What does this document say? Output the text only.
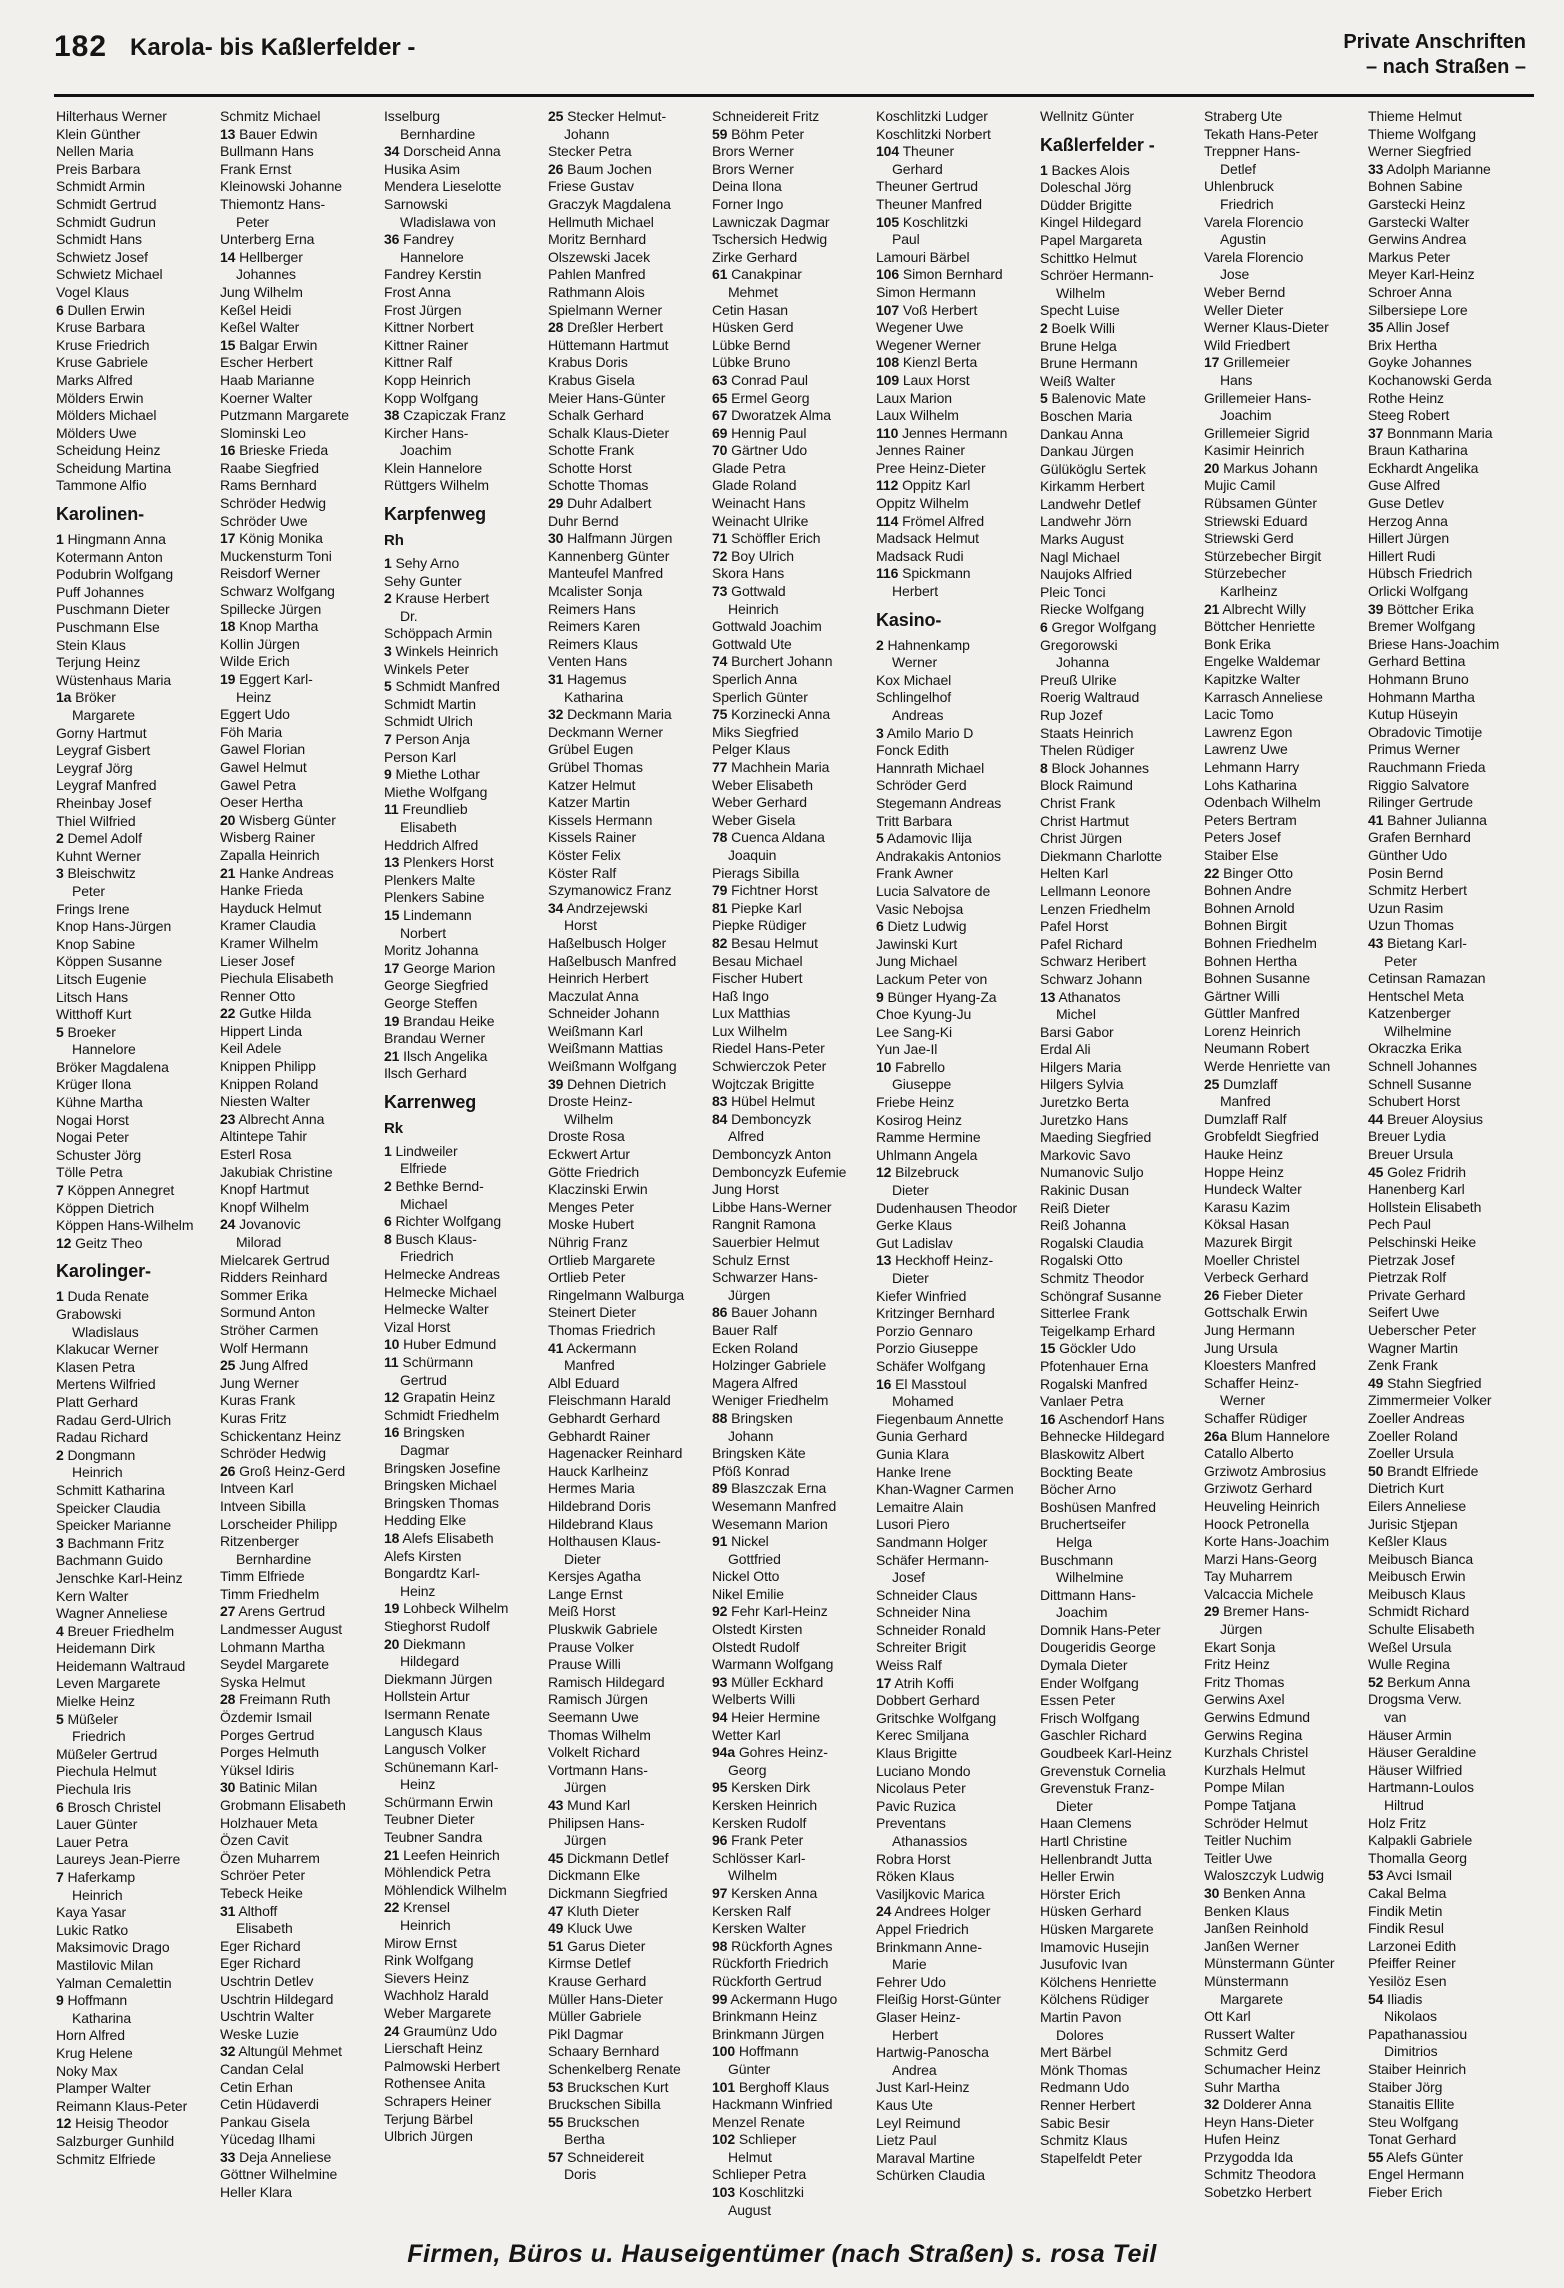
182 Karola- bis Kaßlerfelder -	Private Anschriften
– nach Straßen –
Hilterhaus Werner
Klein Günther
Nellen Maria
Preis Barbara
Schmidt Armin
Schmidt Gertrud
Schmidt Gudrun
Schmidt Hans
Schwietz Josef
Schwietz Michael
Vogel Klaus
6 Dullen Erwin
Kruse Barbara
Kruse Friedrich
Kruse Gabriele
Marks Alfred
Mölders Erwin
Mölders Michael
Mölders Uwe
Scheidung Heinz
Scheidung Martina
Tammone Alfio
Karolinen-
1 Hingmann Anna
Kotermann Anton
Podubrin Wolfgang
Puff Johannes
Puschmann Dieter
Puschmann Else
Stein Klaus
Terjung Heinz
Wüstenhaus Maria
1a Bröker
Margarete
Gorny Hartmut
Leygraf Gisbert
Leygraf Jörg
Leygraf Manfred
Rheinbay Josef
Thiel Wilfried
2 Demel Adolf
Kuhnt Werner
3 Bleischwitz
Peter
Frings Irene
Knop Hans-Jürgen
Knop Sabine
Köppen Susanne
Litsch Eugenie
Litsch Hans
Witthoff Kurt
5 Broeker
Hannelore
Bröker Magdalena
Krüger Ilona
Kühne Martha
Nogai Horst
Nogai Peter
Schuster Jörg
Tölle Petra
7 Köppen Annegret
Köppen Dietrich
Köppen Hans-Wilhelm
12 Geitz Theo
Karolinger-
1 Duda Renate
Grabowski
Wladislaus
Klakucar Werner
Klasen Petra
Mertens Wilfried
Platt Gerhard
Radau Gerd-Ulrich
Radau Richard
2 Dongmann
Heinrich
Schmitt Katharina
Speicker Claudia
Speicker Marianne
3 Bachmann Fritz
Bachmann Guido
Jenschke Karl-Heinz
Kern Walter
Wagner Anneliese
4 Breuer Friedhelm
Heidemann Dirk
Heidemann Waltraud
Leven Margarete
Mielke Heinz
5 Müßeler
Friedrich
Müßeler Gertrud
Piechula Helmut
Piechula Iris
6 Brosch Christel
Lauer Günter
Lauer Petra
Laureys Jean-Pierre
7 Haferkamp
Heinrich
Kaya Yasar
Lukic Ratko
Maksimovic Drago
Mastilovic Milan
Yalman Cemalettin
9 Hoffmann
Katharina
Horn Alfred
Krug Helene
Noky Max
Plamper Walter
Reimann Klaus-Peter
12 Heisig Theodor
Salzburger Gunhild
Schmitz Elfriede
Schmitz Michael
13 Bauer Edwin
Bullmann Hans
Frank Ernst
Kleinowski Johanne
Thiemontz Hans-
Peter
Unterberg Erna
14 Hellberger
Johannes
Jung Wilhelm
Keßel Heidi
Keßel Walter
15 Balgar Erwin
Escher Herbert
Haab Marianne
Koerner Walter
Putzmann Margarete
Slominski Leo
16 Brieske Frieda
Raabe Siegfried
Rams Bernhard
Schröder Hedwig
Schröder Uwe
17 König Monika
Muckensturm Toni
Reisdorf Werner
Schwarz Wolfgang
Spillecke Jürgen
18 Knop Martha
Kollin Jürgen
Wilde Erich
19 Eggert Karl-
Heinz
Eggert Udo
Föh Maria
Gawel Florian
Gawel Helmut
Gawel Petra
Oeser Hertha
20 Wisberg Günter
Wisberg Rainer
Zapalla Heinrich
21 Hanke Andreas
Hanke Frieda
Hayduck Helmut
Kramer Claudia
Kramer Wilhelm
Lieser Josef
Piechula Elisabeth
Renner Otto
22 Gutke Hilda
Hippert Linda
Keil Adele
Knippen Philipp
Knippen Roland
Niesten Walter
23 Albrecht Anna
Altintepe Tahir
Esterl Rosa
Jakubiak Christine
Knopf Hartmut
Knopf Wilhelm
24 Jovanovic
Milorad
Mielcarek Gertrud
Ridders Reinhard
Sommer Erika
Sormund Anton
Ströher Carmen
Wolf Hermann
25 Jung Alfred
Jung Werner
Kuras Frank
Kuras Fritz
Schickentanz Heinz
Schröder Hedwig
26 Groß Heinz-Gerd
Intveen Karl
Intveen Sibilla
Lorscheider Philipp
Ritzenberger
Bernhardine
Timm Elfriede
Timm Friedhelm
27 Arens Gertrud
Landmesser August
Lohmann Martha
Seydel Margarete
Syska Helmut
28 Freimann Ruth
Özdemir Ismail
Porges Gertrud
Porges Helmuth
Yüksel Idiris
30 Batinic Milan
Grobmann Elisabeth
Holzhauer Meta
Özen Cavit
Özen Muharrem
Schröer Peter
Tebeck Heike
31 Althoff
Elisabeth
Eger Richard
Eger Richard
Uschtrin Detlev
Uschtrin Hildegard
Uschtrin Walter
Weske Luzie
32 Altungül Mehmet
Candan Celal
Cetin Erhan
Cetin Hüdaverdi
Pankau Gisela
Yücedag Ilhami
33 Deja Anneliese
Göttner Wilhelmine
Heller Klara
Isselburg
Bernhardine
34 Dorscheid Anna
Husika Asim
Mendera Lieselotte
Sarnowski
Wladislawa von
36 Fandrey
Hannelore
Fandrey Kerstin
Frost Anna
Frost Jürgen
Kittner Norbert
Kittner Rainer
Kittner Ralf
Kopp Heinrich
Kopp Wolfgang
38 Czapiczak Franz
Kircher Hans-
Joachim
Klein Hannelore
Rüttgers Wilhelm
Karpfenweg
Rh
1 Sehy Arno
Sehy Gunter
2 Krause Herbert
Dr.
Schöppach Armin
3 Winkels Heinrich
Winkels Peter
5 Schmidt Manfred
Schmidt Martin
Schmidt Ulrich
7 Person Anja
Person Karl
9 Miethe Lothar
Miethe Wolfgang
11 Freundlieb
Elisabeth
Heddrich Alfred
13 Plenkers Horst
Plenkers Malte
Plenkers Sabine
15 Lindemann
Norbert
Moritz Johanna
17 George Marion
George Siegfried
George Steffen
19 Brandau Heike
Brandau Werner
21 Ilsch Angelika
Ilsch Gerhard
Karrenweg
Rk
1 Lindweiler
Elfriede
2 Bethke Bernd-
Michael
6 Richter Wolfgang
8 Busch Klaus-
Friedrich
Helmecke Andreas
Helmecke Michael
Helmecke Walter
Vizal Horst
10 Huber Edmund
11 Schürmann
Gertrud
12 Grapatin Heinz
Schmidt Friedhelm
16 Bringsken
Dagmar
Bringsken Josefine
Bringsken Michael
Bringsken Thomas
Hedding Elke
18 Alefs Elisabeth
Alefs Kirsten
Bongardtz Karl-
Heinz
19 Lohbeck Wilhelm
Stieghorst Rudolf
20 Diekmann
Hildegard
Diekmann Jürgen
Hollstein Artur
Isermann Renate
Langusch Klaus
Langusch Volker
Schünemann Karl-
Heinz
Schürmann Erwin
Teubner Dieter
Teubner Sandra
21 Leefen Heinrich
Möhlendick Petra
Möhlendick Wilhelm
22 Krensel
Heinrich
Mirow Ernst
Rink Wolfgang
Sievers Heinz
Wachholz Harald
Weber Margarete
24 Graumünz Udo
Lierschaft Heinz
Palmowski Herbert
Rothensee Anita
Schrapers Heiner
Terjung Bärbel
Ulbrich Jürgen
25 Stecker Helmut-
Johann
Stecker Petra
26 Baum Jochen
Friese Gustav
Graczyk Magdalena
Hellmuth Michael
Moritz Bernhard
Olszewski Jacek
Pahlen Manfred
Rathmann Alois
Spielmann Werner
28 Dreßler Herbert
Hüttemann Hartmut
Krabus Doris
Krabus Gisela
Meier Hans-Günter
Schalk Gerhard
Schalk Klaus-Dieter
Schotte Frank
Schotte Horst
Schotte Thomas
29 Duhr Adalbert
Duhr Bernd
30 Halfmann Jürgen
Kannenberg Günter
Manteufel Manfred
Mcalister Sonja
Reimers Hans
Reimers Karen
Reimers Klaus
Venten Hans
31 Hagemus
Katharina
32 Deckmann Maria
Deckmann Werner
Grübel Eugen
Grübel Thomas
Katzer Helmut
Katzer Martin
Kissels Hermann
Kissels Rainer
Köster Felix
Köster Ralf
Szymanowicz Franz
34 Andrzejewski
Horst
Haßelbusch Holger
Haßelbusch Manfred
Heinrich Herbert
Maczulat Anna
Schneider Johann
Weißmann Karl
Weißmann Mattias
Weißmann Wolfgang
39 Dehnen Dietrich
Droste Heinz-
Wilhelm
Droste Rosa
Eckwert Artur
Götte Friedrich
Klaczinski Erwin
Menges Peter
Moske Hubert
Nührig Franz
Ortlieb Margarete
Ortlieb Peter
Ringelmann Walburga
Steinert Dieter
Thomas Friedrich
41 Ackermann
Manfred
Albl Eduard
Fleischmann Harald
Gebhardt Gerhard
Gebhardt Rainer
Hagenacker Reinhard
Hauck Karlheinz
Hermes Maria
Hildebrand Doris
Hildebrand Klaus
Holthausen Klaus-
Dieter
Kersjes Agatha
Lange Ernst
Meiß Horst
Pluskwik Gabriele
Prause Volker
Prause Willi
Ramisch Hildegard
Ramisch Jürgen
Seemann Uwe
Thomas Wilhelm
Volkelt Richard
Vortmann Hans-
Jürgen
43 Mund Karl
Philipsen Hans-
Jürgen
45 Dickmann Detlef
Dickmann Elke
Dickmann Siegfried
47 Kluth Dieter
49 Kluck Uwe
51 Garus Dieter
Kirmse Detlef
Krause Gerhard
Müller Hans-Dieter
Müller Gabriele
Pikl Dagmar
Schaary Bernhard
Schenkelberg Renate
53 Bruckschen Kurt
Bruckschen Sibilla
55 Bruckschen
Bertha
57 Schneidereit
Doris
Schneidereit Fritz
59 Böhm Peter
Brors Werner
Brors Werner
Deina Ilona
Forner Ingo
Lawniczak Dagmar
Tschersich Hedwig
Zirke Gerhard
61 Canakpinar
Mehmet
Cetin Hasan
Hüsken Gerd
Lübke Bernd
Lübke Bruno
63 Conrad Paul
65 Ermel Georg
67 Dworatzek Alma
69 Hennig Paul
70 Gärtner Udo
Glade Petra
Glade Roland
Weinacht Hans
Weinacht Ulrike
71 Schöffler Erich
72 Boy Ulrich
Skora Hans
73 Gottwald
Heinrich
Gottwald Joachim
Gottwald Ute
74 Burchert Johann
Sperlich Anna
Sperlich Günter
75 Korzinecki Anna
Miks Siegfried
Pelger Klaus
77 Machhein Maria
Weber Elisabeth
Weber Gerhard
Weber Gisela
78 Cuenca Aldana
Joaquin
Pierags Sibilla
79 Fichtner Horst
81 Piepke Karl
Piepke Rüdiger
82 Besau Helmut
Besau Michael
Fischer Hubert
Haß Ingo
Lux Matthias
Lux Wilhelm
Riedel Hans-Peter
Schwierczok Peter
Wojtczak Brigitte
83 Hübel Helmut
84 Demboncyzk
Alfred
Demboncyzk Anton
Demboncyzk Eufemie
Jung Horst
Libbe Hans-Werner
Rangnit Ramona
Sauerbier Helmut
Schulz Ernst
Schwarzer Hans-
Jürgen
86 Bauer Johann
Bauer Ralf
Ecken Roland
Holzinger Gabriele
Magera Alfred
Weniger Friedhelm
88 Bringsken
Johann
Bringsken Käte
Pföß Konrad
89 Blaszczak Erna
Wesemann Manfred
Wesemann Marion
91 Nickel
Gottfried
Nickel Otto
Nikel Emilie
92 Fehr Karl-Heinz
Olstedt Kirsten
Olstedt Rudolf
Warmann Wolfgang
93 Müller Eckhard
Welberts Willi
94 Heier Hermine
Wetter Karl
94a Gohres Heinz-
Georg
95 Kersken Dirk
Kersken Heinrich
Kersken Rudolf
96 Frank Peter
Schlösser Karl-
Wilhelm
97 Kersken Anna
Kersken Ralf
Kersken Walter
98 Rückforth Agnes
Rückforth Friedrich
Rückforth Gertrud
99 Ackermann Hugo
Brinkmann Heinz
Brinkmann Jürgen
100 Hoffmann
Günter
101 Berghoff Klaus
Hackmann Winfried
Menzel Renate
102 Schlieper
Helmut
Schlieper Petra
103 Koschlitzki
August
Koschlitzki Ludger
Koschlitzki Norbert
104 Theuner
Gerhard
Theuner Gertrud
Theuner Manfred
105 Koschlitzki
Paul
Lamouri Bärbel
106 Simon Bernhard
Simon Hermann
107 Voß Herbert
Wegener Uwe
Wegener Werner
108 Kienzl Berta
109 Laux Horst
Laux Marion
Laux Wilhelm
110 Jennes Hermann
Jennes Rainer
Pree Heinz-Dieter
112 Oppitz Karl
Oppitz Wilhelm
114 Frömel Alfred
Madsack Helmut
Madsack Rudi
116 Spickmann
Herbert
Kasino-
2 Hahnenkamp
Werner
Kox Michael
Schlingelhof
Andreas
3 Amilo Mario D
Fonck Edith
Hannrath Michael
Schröder Gerd
Stegemann Andreas
Tritt Barbara
5 Adamovic Ilija
Andrakakis Antonios
Frank Awner
Lucia Salvatore de
Vasic Nebojsa
6 Dietz Ludwig
Jawinski Kurt
Jung Michael
Lackum Peter von
9 Bünger Hyang-Za
Choe Kyung-Ju
Lee Sang-Ki
Yun Jae-Il
10 Fabrello
Giuseppe
Friebe Heinz
Kosirog Heinz
Ramme Hermine
Uhlmann Angela
12 Bilzebruck
Dieter
Dudenhausen Theodor
Gerke Klaus
Gut Ladislav
13 Heckhoff Heinz-
Dieter
Kiefer Winfried
Kritzinger Bernhard
Porzio Gennaro
Porzio Giuseppe
Schäfer Wolfgang
16 El Masstoul
Mohamed
Fiegenbaum Annette
Gunia Gerhard
Gunia Klara
Hanke Irene
Khan-Wagner Carmen
Lemaitre Alain
Lusori Piero
Sandmann Holger
Schäfer Hermann-
Josef
Schneider Claus
Schneider Nina
Schneider Ronald
Schreiter Brigit
Weiss Ralf
17 Atrih Koffi
Dobbert Gerhard
Gritschke Wolfgang
Kerec Smiljana
Klaus Brigitte
Luciano Mondo
Nicolaus Peter
Pavic Ruzica
Preventans
Athanassios
Robra Horst
Röken Klaus
Vasiljkovic Marica
24 Andrees Holger
Appel Friedrich
Brinkmann Anne-
Marie
Fehrer Udo
Fleißig Horst-Günter
Glaser Heinz-
Herbert
Hartwig-Panoscha
Andrea
Just Karl-Heinz
Kaus Ute
Leyl Reimund
Lietz Paul
Maraval Martine
Schürken Claudia
Wellnitz Günter
Kaßlerfelder -
1 Backes Alois
Doleschal Jörg
Düdder Brigitte
Kingel Hildegard
Papel Margareta
Schittko Helmut
Schröer Hermann-
Wilhelm
Specht Luise
2 Boelk Willi
Brune Helga
Brune Hermann
Weiß Walter
5 Balenovic Mate
Boschen Maria
Dankau Anna
Dankau Jürgen
Gülüköglu Sertek
Kirkamm Herbert
Landwehr Detlef
Landwehr Jörn
Marks August
Nagl Michael
Naujoks Alfried
Pleic Tonci
Riecke Wolfgang
6 Gregor Wolfgang
Gregorowski
Johanna
Preuß Ulrike
Roerig Waltraud
Rup Jozef
Staats Heinrich
Thelen Rüdiger
8 Block Johannes
Block Raimund
Christ Frank
Christ Hartmut
Christ Jürgen
Diekmann Charlotte
Helten Karl
Lellmann Leonore
Lenzen Friedhelm
Pafel Horst
Pafel Richard
Schwarz Heribert
Schwarz Johann
13 Athanatos
Michel
Barsi Gabor
Erdal Ali
Hilgers Maria
Hilgers Sylvia
Juretzko Berta
Juretzko Hans
Maeding Siegfried
Markovic Savo
Numanovic Suljo
Rakinic Dusan
Reiß Dieter
Reiß Johanna
Rogalski Claudia
Rogalski Otto
Schmitz Theodor
Schöngraf Susanne
Sitterlee Frank
Teigelkamp Erhard
15 Göckler Udo
Pfotenhauer Erna
Rogalski Manfred
Vanlaer Petra
16 Aschendorf Hans
Behnecke Hildegard
Blaskowitz Albert
Bockting Beate
Böcher Arno
Boshüsen Manfred
Bruchertseifer
Helga
Buschmann
Wilhelmine
Dittmann Hans-
Joachim
Domnik Hans-Peter
Dougeridis George
Dymala Dieter
Ender Wolfgang
Essen Peter
Frisch Wolfgang
Gaschler Richard
Goudbeek Karl-Heinz
Grevenstuk Cornelia
Grevenstuk Franz-
Dieter
Haan Clemens
Hartl Christine
Hellenbrandt Jutta
Heller Erwin
Hörster Erich
Hüsken Gerhard
Hüsken Margarete
Imamovic Husejin
Jusufovic Ivan
Kölchens Henriette
Kölchens Rüdiger
Martin Pavon
Dolores
Mert Bärbel
Mönk Thomas
Redmann Udo
Renner Herbert
Sabic Besir
Schmitz Klaus
Stapelfeldt Peter
Straberg Ute
Tekath Hans-Peter
Treppner Hans-
Detlef
Uhlenbruck
Friedrich
Varela Florencio
Agustin
Varela Florencio
Jose
Weber Bernd
Weller Dieter
Werner Klaus-Dieter
Wild Friedbert
17 Grillemeier
Hans
Grillemeier Hans-
Joachim
Grillemeier Sigrid
Kasimir Heinrich
20 Markus Johann
Mujic Camil
Rübsamen Günter
Striewski Eduard
Striewski Gerd
Stürzebecher Birgit
Stürzebecher
Karlheinz
21 Albrecht Willy
Böttcher Henriette
Bonk Erika
Engelke Waldemar
Kapitzke Walter
Karrasch Anneliese
Lacic Tomo
Lawrenz Egon
Lawrenz Uwe
Lehmann Harry
Lohs Katharina
Odenbach Wilhelm
Peters Bertram
Peters Josef
Staiber Else
22 Binger Otto
Bohnen Andre
Bohnen Arnold
Bohnen Birgit
Bohnen Friedhelm
Bohnen Hertha
Bohnen Susanne
Gärtner Willi
Güttler Manfred
Lorenz Heinrich
Neumann Robert
Werde Henriette van
25 Dumzlaff
Manfred
Dumzlaff Ralf
Grobfeldt Siegfried
Hauke Heinz
Hoppe Heinz
Hundeck Walter
Karasu Kazim
Köksal Hasan
Mazurek Birgit
Moeller Christel
Verbeck Gerhard
26 Fieber Dieter
Gottschalk Erwin
Jung Hermann
Jung Ursula
Kloesters Manfred
Schaffer Heinz-
Werner
Schaffer Rüdiger
26a Blum Hannelore
Catallo Alberto
Grziwotz Ambrosius
Grziwotz Gerhard
Heuveling Heinrich
Hoock Petronella
Korte Hans-Joachim
Marzi Hans-Georg
Tay Muharrem
Valcaccia Michele
29 Bremer Hans-
Jürgen
Ekart Sonja
Fritz Heinz
Fritz Thomas
Gerwins Axel
Gerwins Edmund
Gerwins Regina
Kurzhals Christel
Kurzhals Helmut
Pompe Milan
Pompe Tatjana
Schröder Helmut
Teitler Nuchim
Teitler Uwe
Waloszczyk Ludwig
30 Benken Anna
Benken Klaus
Janßen Reinhold
Janßen Werner
Münstermann Günter
Münstermann
Margarete
Ott Karl
Russert Walter
Schmitz Gerd
Schumacher Heinz
Suhr Martha
32 Dolderer Anna
Heyn Hans-Dieter
Hufen Heinz
Przygodda Ida
Schmitz Theodora
Sobetzko Herbert
Thieme Helmut
Thieme Wolfgang
Werner Siegfried
33 Adolph Marianne
Bohnen Sabine
Garstecki Heinz
Garstecki Walter
Gerwins Andrea
Markus Peter
Meyer Karl-Heinz
Schroer Anna
Silbersiepe Lore
35 Allin Josef
Brix Hertha
Goyke Johannes
Kochanowski Gerda
Rothe Heinz
Steeg Robert
37 Bonnmann Maria
Braun Katharina
Eckhardt Angelika
Guse Alfred
Guse Detlev
Herzog Anna
Hillert Jürgen
Hillert Rudi
Hübsch Friedrich
Orlicki Wolfgang
39 Böttcher Erika
Bremer Wolfgang
Briese Hans-Joachim
Gerhard Bettina
Hohmann Bruno
Hohmann Martha
Kutup Hüseyin
Obradovic Timotije
Primus Werner
Rauchmann Frieda
Riggio Salvatore
Rilinger Gertrude
41 Bahner Julianna
Grafen Bernhard
Günther Udo
Posin Bernd
Schmitz Herbert
Uzun Rasim
Uzun Thomas
43 Bietang Karl-
Peter
Cetinsan Ramazan
Hentschel Meta
Katzenberger
Wilhelmine
Okraczka Erika
Schnell Johannes
Schnell Susanne
Schubert Horst
44 Breuer Aloysius
Breuer Lydia
Breuer Ursula
45 Golez Fridrih
Hanenberg Karl
Hollstein Elisabeth
Pech Paul
Pelschinski Heike
Pietrzak Josef
Pietrzak Rolf
Private Gerhard
Seifert Uwe
Ueberscher Peter
Wagner Martin
Zenk Frank
49 Stahn Siegfried
Zimmermeier Volker
Zoeller Andreas
Zoeller Roland
Zoeller Ursula
50 Brandt Elfriede
Dietrich Kurt
Eilers Anneliese
Jurisic Stjepan
Keßler Klaus
Meibusch Bianca
Meibusch Erwin
Meibusch Klaus
Schmidt Richard
Schulte Elisabeth
Weßel Ursula
Wulle Regina
52 Berkum Anna
Drogsma Verw.
van
Häuser Armin
Häuser Geraldine
Häuser Wilfried
Hartmann-Loulos
Hiltrud
Holz Fritz
Kalpakli Gabriele
Thomalla Georg
53 Avci Ismail
Cakal Belma
Findik Metin
Findik Resul
Larzonei Edith
Pfeiffer Reiner
Yesilöz Esen
54 Iliadis
Nikolaos
Papathanassiou
Dimitrios
Staiber Heinrich
Staiber Jörg
Stanaitis Ellite
Steu Wolfgang
Tonat Gerhard
55 Alefs Günter
Engel Hermann
Fieber Erich
Firmen, Büros u. Hauseigentümer (nach Straßen) s. rosa Teil
